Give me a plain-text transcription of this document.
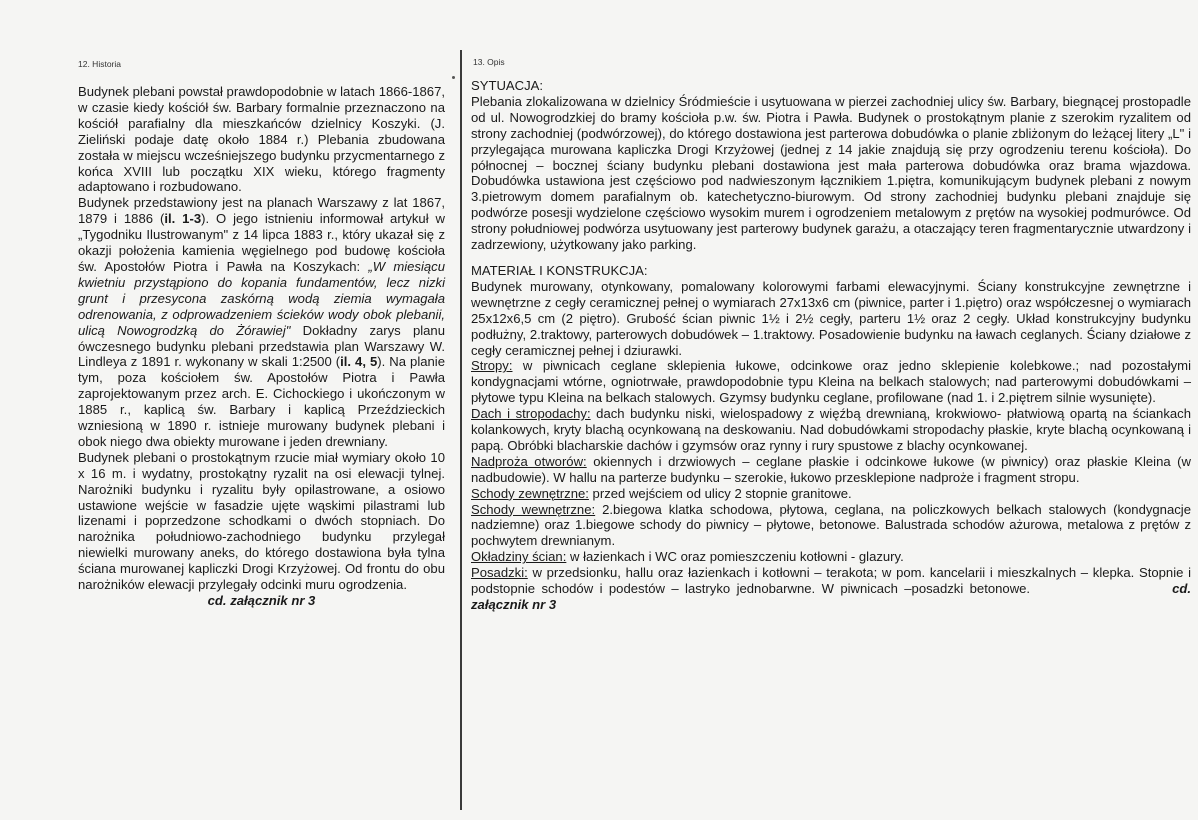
12. Historia

Budynek plebani powstał prawdopodobnie w latach 1866-1867, w czasie kiedy kościół św. Barbary formalnie przeznaczono na kościół parafialny dla mieszkańców dzielnicy Koszyki. (J. Zieliński podaje datę około 1884 r.) Plebania zbudowana została w miejscu wcześniejszego budynku przycmentarnego z końca XVIII lub początku XIX wieku, którego fragmenty adaptowano i rozbudowano.

Budynek przedstawiony jest na planach Warszawy z lat 1867, 1879 i 1886 (il. 1-3). O jego istnieniu informował artykuł w „Tygodniku Ilustrowanym" z 14 lipca 1883 r., który ukazał się z okazji położenia kamienia węgielnego pod budowę kościoła św. Apostołów Piotra i Pawła na Koszykach: „W miesiącu kwietniu przystąpiono do kopania fundamentów, lecz nizki grunt i przesycona zaskórną wodą ziemia wymagała odrenowania, z odprowadzeniem ścieków wody obok plebanii, ulicą Nowogrodzką do Żórawiej" Dokładny zarys planu ówczesnego budynku plebani przedstawia plan Warszawy W. Lindleya z 1891 r. wykonany w skali 1:2500 (il. 4, 5). Na planie tym, poza kościołem św. Apostołów Piotra i Pawła zaprojektowanym przez arch. E. Cichockiego i ukończonym w 1885 r., kaplicą św. Barbary i kaplicą Przeździeckich wzniesioną w 1890 r. istnieje murowany budynek plebani i obok niego dwa obiekty murowane i jeden drewniany.

Budynek plebani o prostokątnym rzucie miał wymiary około 10 x 16 m. i wydatny, prostokątny ryzalit na osi elewacji tylnej. Narożniki budynku i ryzalitu były opilastrowane, a osiowo ustawione wejście w fasadzie ujęte wąskimi pilastrami lub lizenami i poprzedzone schodkami o dwóch stopniach. Do narożnika południowo-zachodniego budynku przylegał niewielki murowany aneks, do którego dostawiona była tylna ściana murowanej kapliczki Drogi Krzyżowej. Od frontu do obu narożników elewacji przylegały odcinki muru ogrodzenia.

cd. załącznik nr 3

13. Opis

SYTUACJA:

Plebania zlokalizowana w dzielnicy Śródmieście i usytuowana w pierzei zachodniej ulicy św. Barbary, biegnącej prostopadle od ul. Nowogrodzkiej do bramy kościoła p.w. św. Piotra i Pawła. Budynek o prostokątnym planie z szerokim ryzalitem od strony zachodniej (podwórzowej), do którego dostawiona jest parterowa dobudówka o planie zbliżonym do leżącej litery „L" i przylegająca murowana kapliczka Drogi Krzyżowej (jednej z 14 jakie znajdują się przy ogrodzeniu terenu kościoła). Do północnej – bocznej ściany budynku plebani dostawiona jest mała parterowa dobudówka oraz brama wjazdowa. Dobudówka ustawiona jest częściowo pod nadwieszonym łącznikiem 1.piętra, komunikującym budynek plebani z nowym 3.pietrowym domem parafialnym ob. katechetyczno-biurowym. Od strony zachodniej budynku plebani znajduje się podwórze posesji wydzielone częściowo wysokim murem i ogrodzeniem metalowym z prętów na wysokiej podmurówce. Od strony południowej podwórza usytuowany jest parterowy budynek garażu, a otaczający teren fragmentarycznie utwardzony i zadrzewiony, użytkowany jako parking.

MATERIAŁ I KONSTRUKCJA:

Budynek murowany, otynkowany, pomalowany kolorowymi farbami elewacyjnymi. Ściany konstrukcyjne zewnętrzne i wewnętrzne z cegły ceramicznej pełnej o wymiarach 27x13x6 cm (piwnice, parter i 1.piętro) oraz współczesnej o wymiarach 25x12x6,5 cm (2 piętro). Grubość ścian piwnic 1½ i 2½ cegły, parteru 1½ oraz 2 cegły. Układ konstrukcyjny budynku podłużny, 2.traktowy, parterowych dobudówek – 1.traktowy. Posadowienie budynku na ławach ceglanych. Ściany działowe z cegły ceramicznej pełnej i dziurawki.

Stropy: w piwnicach ceglane sklepienia łukowe, odcinkowe oraz jedno sklepienie kolebkowe.; nad pozostałymi kondygnacjami wtórne, ogniotrwałe, prawdopodobnie typu Kleina na belkach stalowych; nad parterowymi dobudówkami – płytowe typu Kleina na belkach stalowych. Gzymsy budynku ceglane, profilowane (nad 1. i 2.piętrem silnie wysunięte).

Dach i stropodachy: dach budynku niski, wielospadowy z więźbą drewnianą, krokwiowo- płatwiową opartą na ściankach kolankowych, kryty blachą ocynkowaną na deskowaniu. Nad dobudówkami stropodachy płaskie, kryte blachą ocynkowaną i papą. Obróbki blacharskie dachów i gzymsów oraz rynny i rury spustowe z blachy ocynkowanej.

Nadproża otworów: okiennych i drzwiowych – ceglane płaskie i odcinkowe łukowe (w piwnicy) oraz płaskie Kleina (w nadbudowie). W hallu na parterze budynku – szerokie, łukowo przesklepione nadproże i fragment stropu.

Schody zewnętrzne: przed wejściem od ulicy 2 stopnie granitowe.

Schody wewnętrzne: 2.biegowa klatka schodowa, płytowa, ceglana, na policzkowych belkach stalowych (kondygnacje nadziemne) oraz 1.biegowe schody do piwnicy – płytowe, betonowe. Balustrada schodów ażurowa, metalowa z prętów z pochwytem drewnianym.

Okładziny ścian: w łazienkach i WC oraz pomieszczeniu kotłowni - glazury.

Posadzki: w przedsionku, hallu oraz łazienkach i kotłowni – terakota; w pom. kancelarii i mieszkalnych – klepka. Stopnie i podstopnie schodów i podestów – lastryko jednobarwne. W piwnicach –posadzki betonowe.	cd. załącznik nr 3
